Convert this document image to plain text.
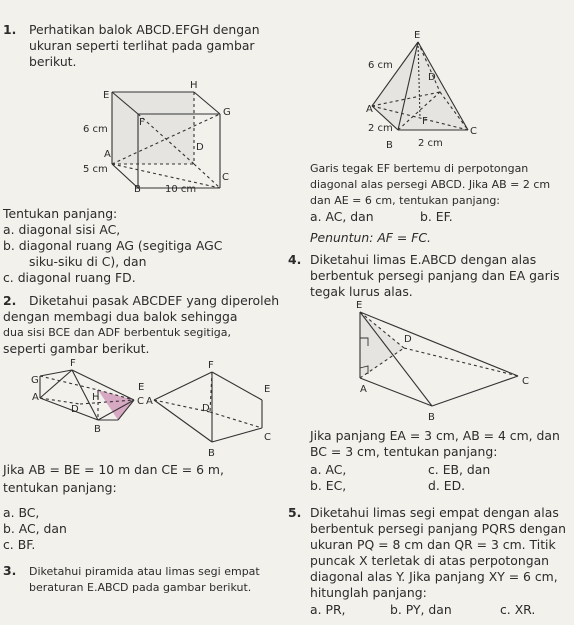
1. Perhatikan balok ABCD.EFGH dengan
ukuran seperti terlihat pada gambar
berikut.
E
H
G
F
D
A
B
C
6 cm
5 cm
10 cm
Tentukan panjang:
a. diagonal sisi AC,
b. diagonal ruang AG (segitiga AGC
siku-siku di C), dan
c. diagonal ruang FD.
E
D
A
F
C
B
6 cm
2 cm
2 cm
Garis tegak EF bertemu di perpotongan
diagonal alas persegi ABCD. Jika AB = 2 cm
dan AE = 6 cm, tentukan panjang:
a. AC, dan	b. EF.
Penuntun: AF = FC.
2. Diketahui pasak ABCDEF yang diperoleh
dengan membagi dua balok sehingga
dua sisi BCE dan ADF berbentuk segitiga,
seperti gambar berikut.
G
F
E
H
D
A	C
B
F
E
D
A
C
B
Jika AB = BE = 10 m dan CE = 6 m,
tentukan panjang:
a. BC,
b. AC, dan
c. BF.
3. Diketahui piramida atau limas segi empat
beraturan E.ABCD pada gambar berikut.
4. Diketahui limas E.ABCD dengan alas
berbentuk persegi panjang dan EA garis
tegak lurus alas.
E
D
A
C
B
Jika panjang EA = 3 cm, AB = 4 cm, dan
BC = 3 cm, tentukan panjang:
a. AC,	c. EB, dan
b. EC,	d. ED.
5. Diketahui limas segi empat dengan alas
berbentuk persegi panjang PQRS dengan
ukuran PQ = 8 cm dan QR = 3 cm. Titik
puncak X terletak di atas perpotongan
diagonal alas Y. Jika panjang XY = 6 cm,
hitunglah panjang:
a. PR,	b. PY, dan	c. XR.
